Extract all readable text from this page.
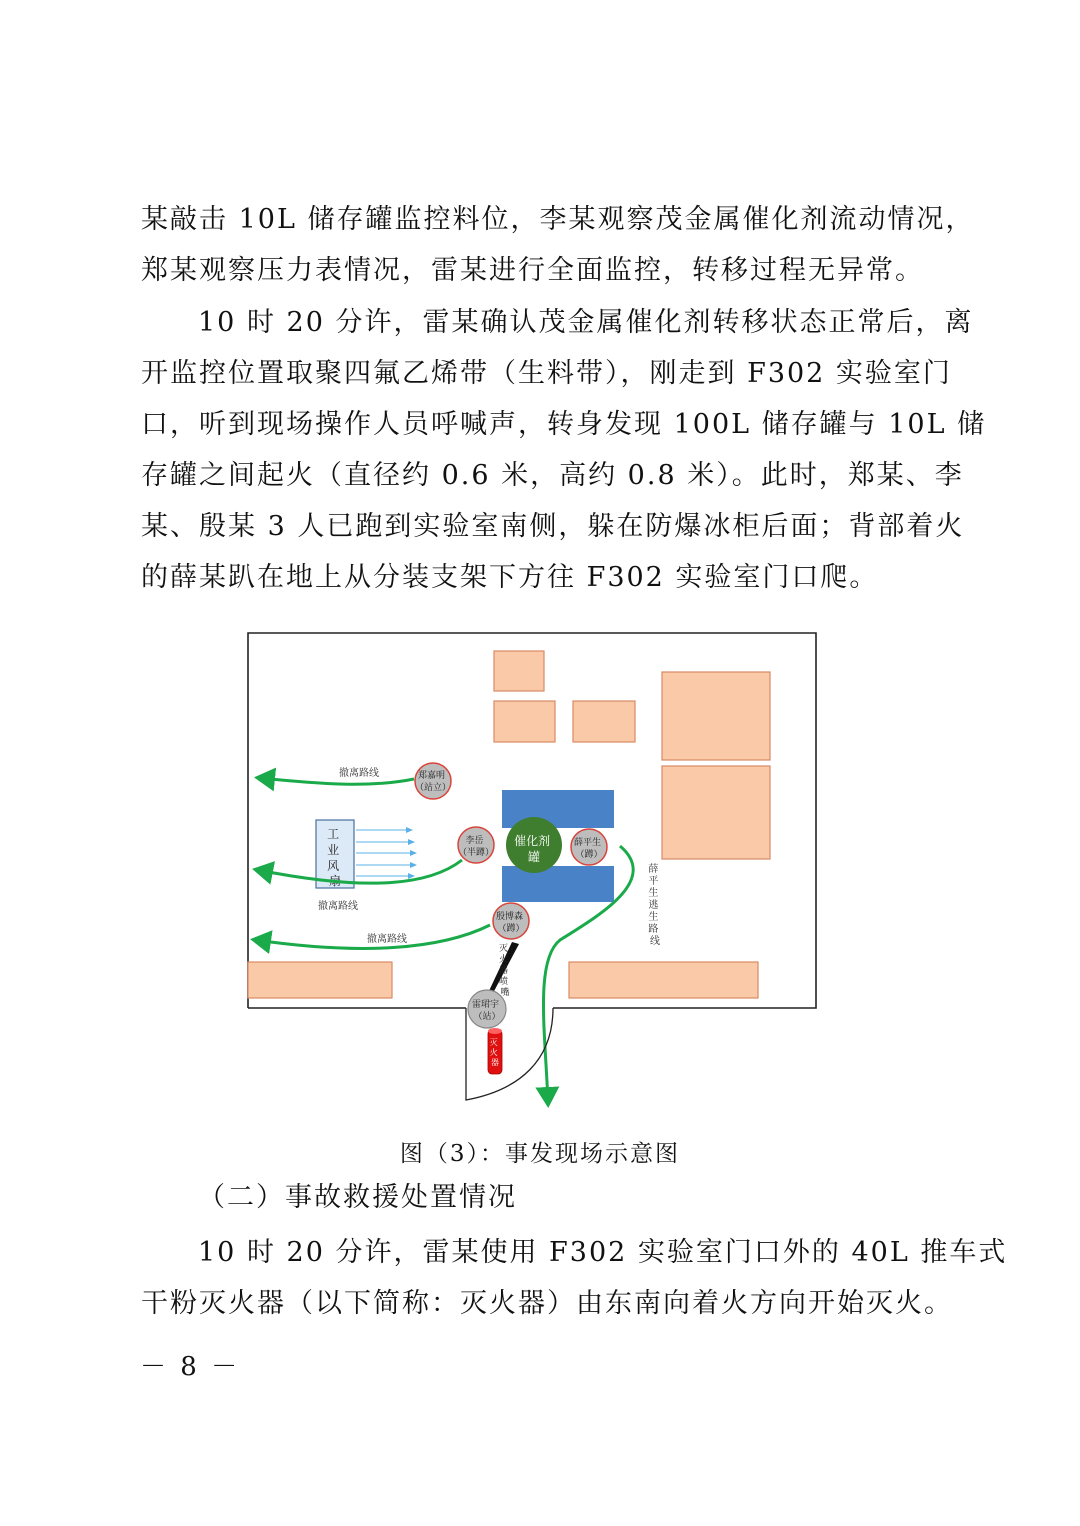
某敲击 10L 储存罐监控料位，李某观察茂金属催化剂流动情况，
郑某观察压力表情况，雷某进行全面监控，转移过程无异常。
10 时 20 分许，雷某确认茂金属催化剂转移状态正常后，离
开监控位置取聚四氟乙烯带（生料带），刚走到 F302 实验室门
口，听到现场操作人员呼喊声，转身发现 100L 储存罐与 10L 储
存罐之间起火（直径约 0.6 米，高约 0.8 米）。此时，郑某、李
某、殷某 3 人已跑到实验室南侧，躲在防爆冰柜后面；背部着火
的薛某趴在地上从分装支架下方往 F302 实验室门口爬。
工 业 风 扇
催化剂 罐
撤离路线
撤离路线
撤离路线
薛 平 生 逃 生 路 线
郑嘉明 （站立）
李岳 （半蹲）
薛平生 （蹲）
殷博森 （蹲）
灭 火 器 喷 嘴
雷珺宇 （站）
灭 火 器
图（3）：事发现场示意图
（二）事故救援处置情况
10 时 20 分许，雷某使用 F302 实验室门口外的 40L 推车式
干粉灭火器（以下简称：灭火器）由东南向着火方向开始灭火。
－ 8 －
